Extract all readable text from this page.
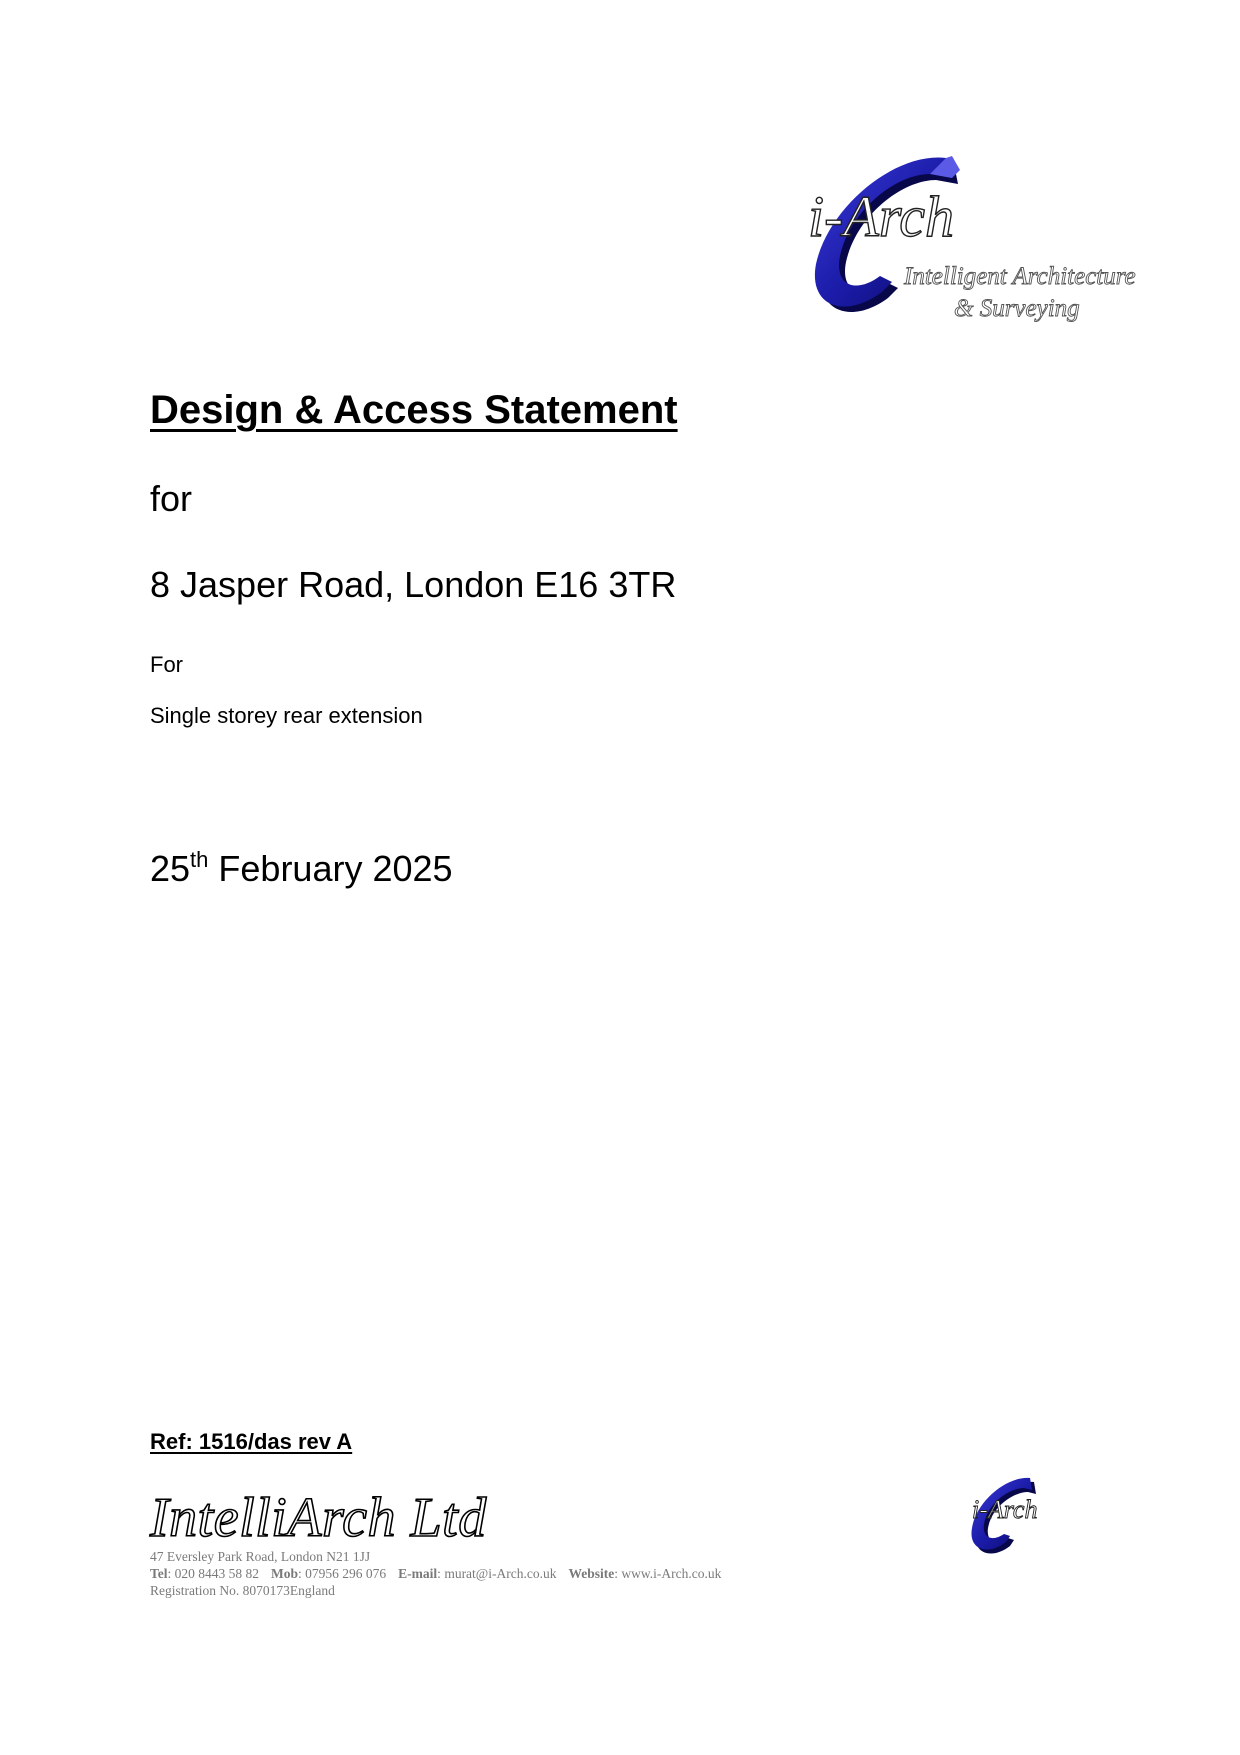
i-Arch
Intelligent Architecture
& Surveying
Design & Access Statement
for
8 Jasper Road, London E16 3TR
For
Single storey rear extension
25th February 2025
Ref: 1516/das rev A
IntelliArch Ltd
47 Eversley Park Road, London N21 1JJ
Tel: 020 8443 58 82 Mob: 07956 296 076 E-mail: murat@i-Arch.co.uk Website: www.i-Arch.co.uk
Registration No. 8070173England
i-Arch
